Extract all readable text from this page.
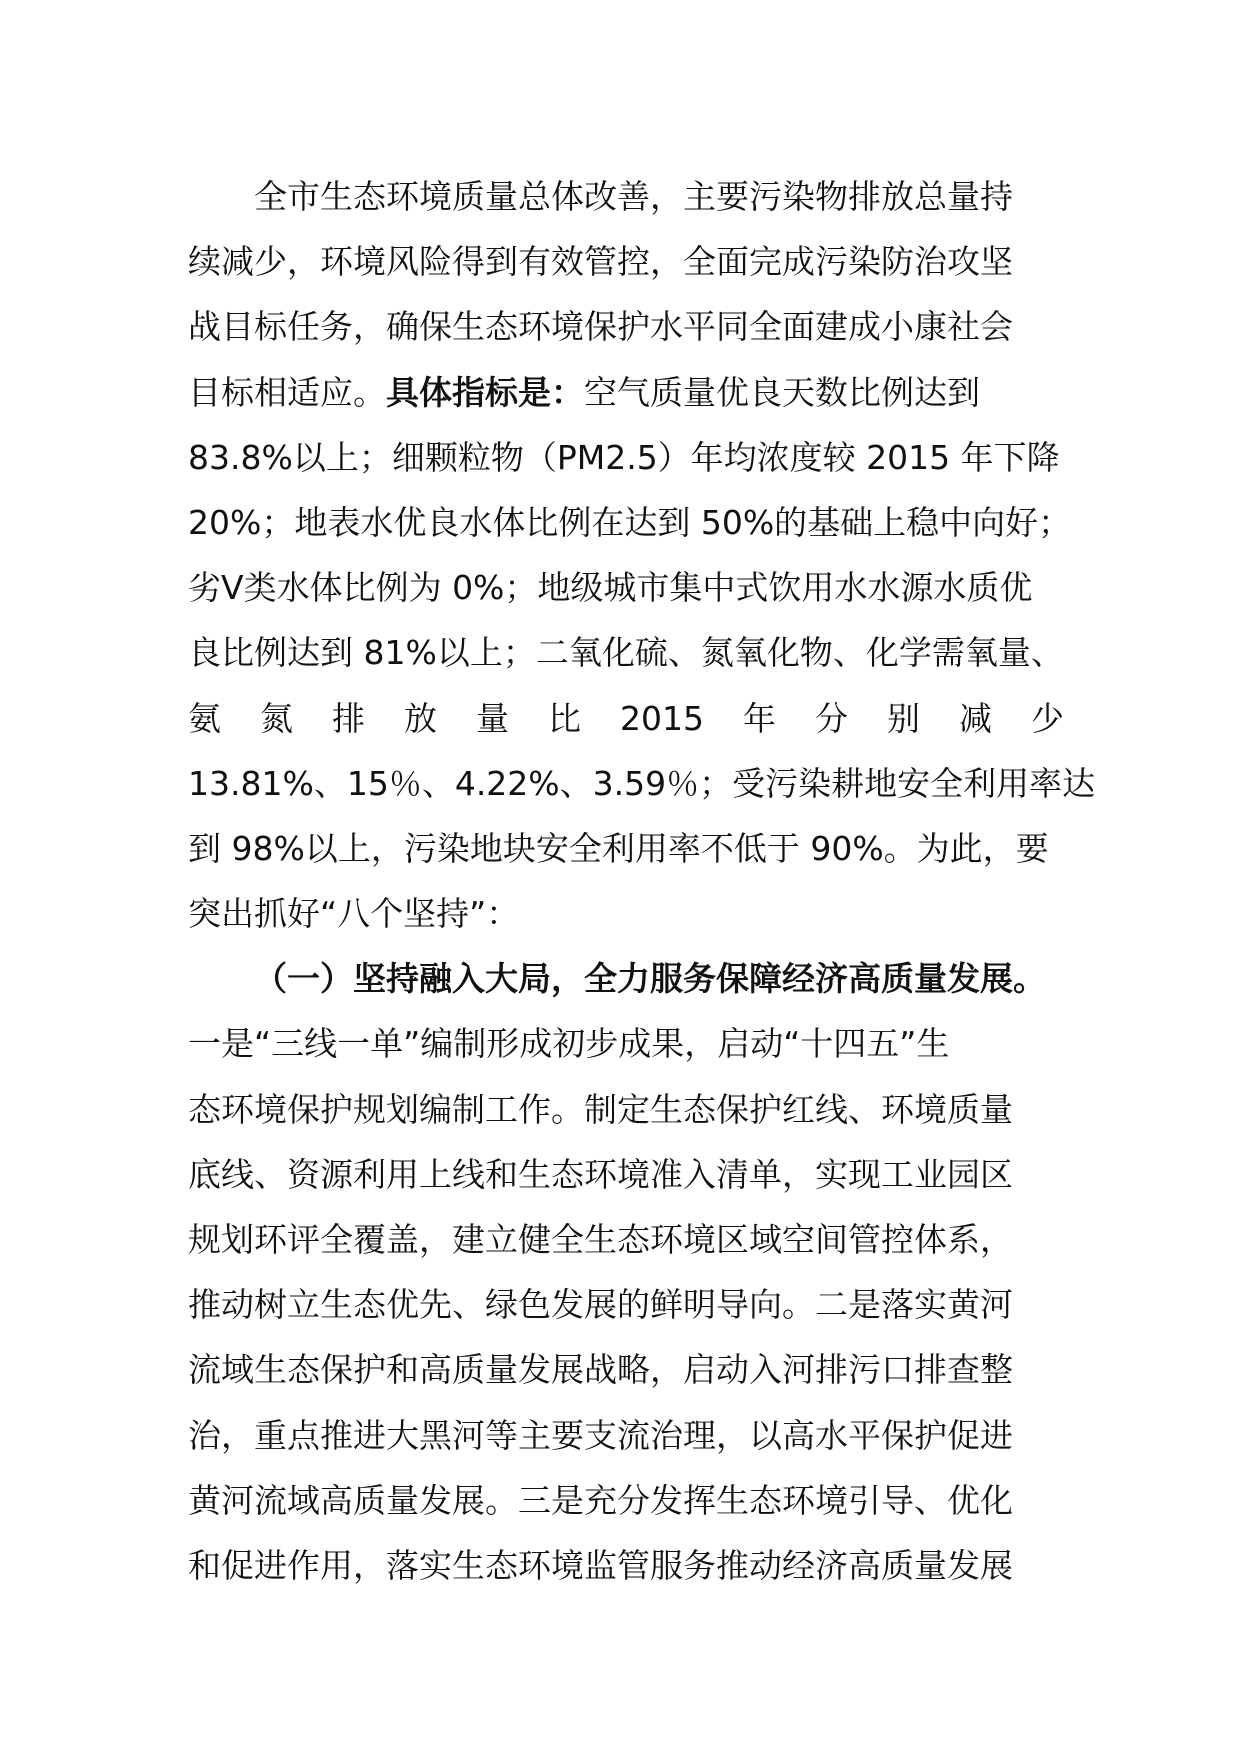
全市生态环境质量总体改善，主要污染物排放总量持
续减少，环境风险得到有效管控，全面完成污染防治攻坚
战目标任务，确保生态环境保护水平同全面建成小康社会
目标相适应。具体指标是：空气质量优良天数比例达到
83.8%以上；细颗粒物（PM2.5）年均浓度较 2015 年下降
20%；地表水优良水体比例在达到 50%的基础上稳中向好；
劣Ⅴ类水体比例为 0%；地级城市集中式饮用水水源水质优
良比例达到 81%以上；二氧化硫、氮氧化物、化学需氧量、
氨 氮 排 放 量 比 2015 年 分 别 减 少
13.81%、15％、4.22%、3.59％；受污染耕地安全利用率达
到 98%以上，污染地块安全利用率不低于 90%。为此，要
突出抓好“八个坚持”：
（一）坚持融入大局，全力服务保障经济高质量发展。
一是“三线一单”编制形成初步成果，启动“十四五”生
态环境保护规划编制工作。制定生态保护红线、环境质量
底线、资源利用上线和生态环境准入清单，实现工业园区
规划环评全覆盖，建立健全生态环境区域空间管控体系，
推动树立生态优先、绿色发展的鲜明导向。二是落实黄河
流域生态保护和高质量发展战略，启动入河排污口排查整
治，重点推进大黑河等主要支流治理，以高水平保护促进
黄河流域高质量发展。三是充分发挥生态环境引导、优化
和促进作用，落实生态环境监管服务推动经济高质量发展
